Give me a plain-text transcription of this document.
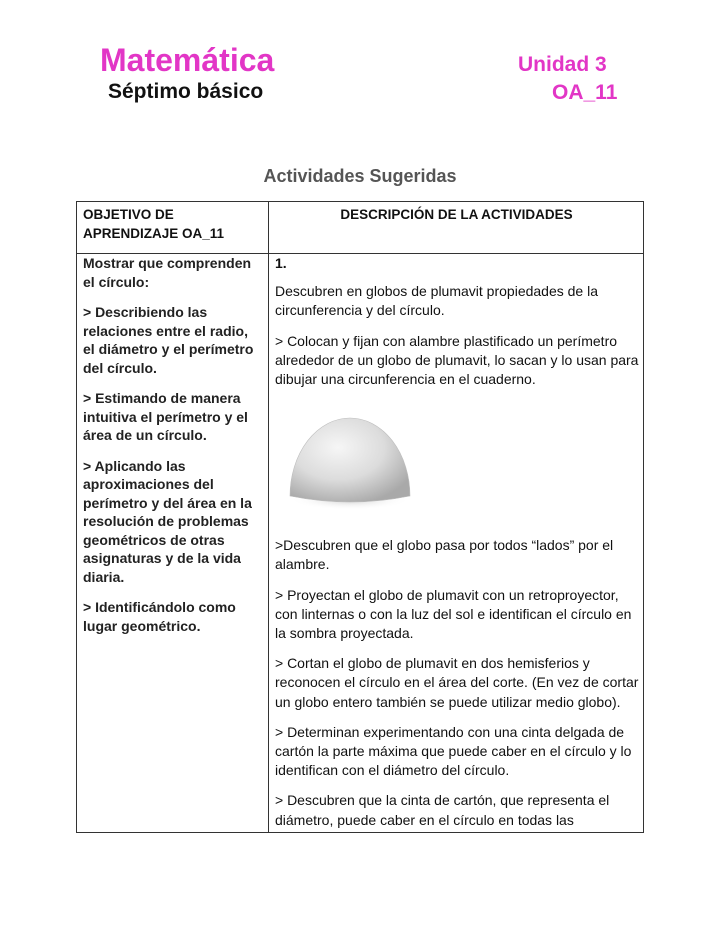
Matemática
Séptimo básico
Unidad 3
OA_11
Actividades Sugeridas
OBJETIVO DE APRENDIZAJE OA_11
DESCRIPCIÓN DE LA ACTIVIDADES

Mostrar que comprenden el círculo:

> Describiendo las relaciones entre el radio, el diámetro y el perímetro del círculo.

> Estimando de manera intuitiva el perímetro y el área de un círculo.

> Aplicando las aproximaciones del perímetro y del área en la resolución de problemas geométricos de otras asignaturas y de la vida diaria.

> Identificándolo como lugar geométrico.

1.

Descubren en globos de plumavit propiedades de la circunferencia y del círculo.

> Colocan y fijan con alambre plastificado un perímetro alrededor de un globo de plumavit, lo sacan y lo usan para dibujar una circunferencia en el cuaderno.

>Descubren que el globo pasa por todos “lados” por el alambre.

> Proyectan el globo de plumavit con un retroproyector, con linternas o con la luz del sol e identifican el círculo en la sombra proyectada.

> Cortan el globo de plumavit en dos hemisferios y reconocen el círculo en el área del corte. (En vez de cortar un globo entero también se puede utilizar medio globo).

> Determinan experimentando con una cinta delgada de cartón la parte máxima que puede caber en el círculo y lo identifican con el diámetro del círculo.

> Descubren que la cinta de cartón, que representa el diámetro, puede caber en el círculo en todas las
